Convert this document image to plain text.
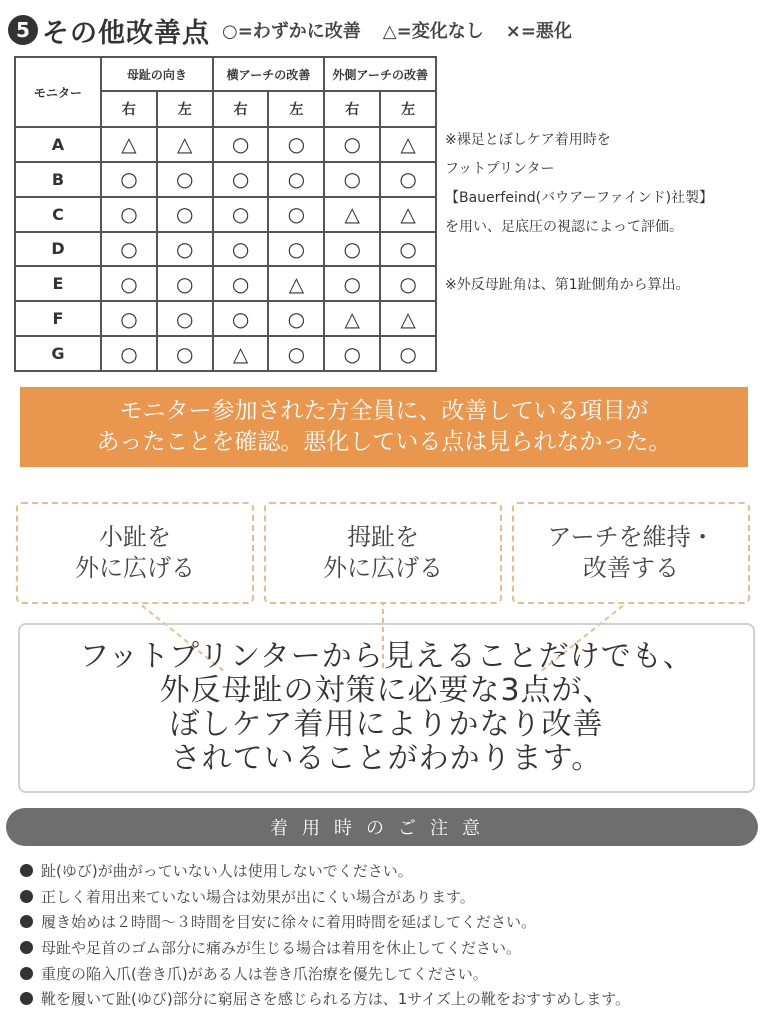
5 その他改善点 ○=わずかに改善 △=変化なし ×=悪化
モニター	母趾の向き		横アーチの改善		外側アーチの改善	
	右	左	右	左	右	左
A	△	△	○	○	○	△
B	○	○	○	○	○	○
C	○	○	○	○	△	△
D	○	○	○	○	○	○
E	○	○	○	△	○	○
F	○	○	○	○	△	△
G	○	○	△	○	○	○
※裸足とぼしケア着用時を
フットプリンター
【Bauerfeind(バウアーファインド)社製】
を用い、足底圧の視認によって評価。
※外反母趾角は、第1趾側角から算出。
モニター参加された方全員に、改善している項目が
あったことを確認。悪化している点は見られなかった。
小趾を
外に広げる
拇趾を
外に広げる
アーチを維持・
改善する
フットプリンターから見えることだけでも、
外反母趾の対策に必要な3点が、
ぼしケア着用によりかなり改善
されていることがわかります。
着用時のご注意
趾(ゆび)が曲がっていない人は使用しないでください。
正しく着用出来ていない場合は効果が出にくい場合があります。
履き始めは２時間～３時間を目安に徐々に着用時間を延ばしてください。
母趾や足首のゴム部分に痛みが生じる場合は着用を休止してください。
重度の陥入爪(巻き爪)がある人は巻き爪治療を優先してください。
靴を履いて趾(ゆび)部分に窮屈さを感じられる方は、1サイズ上の靴をおすすめします。
